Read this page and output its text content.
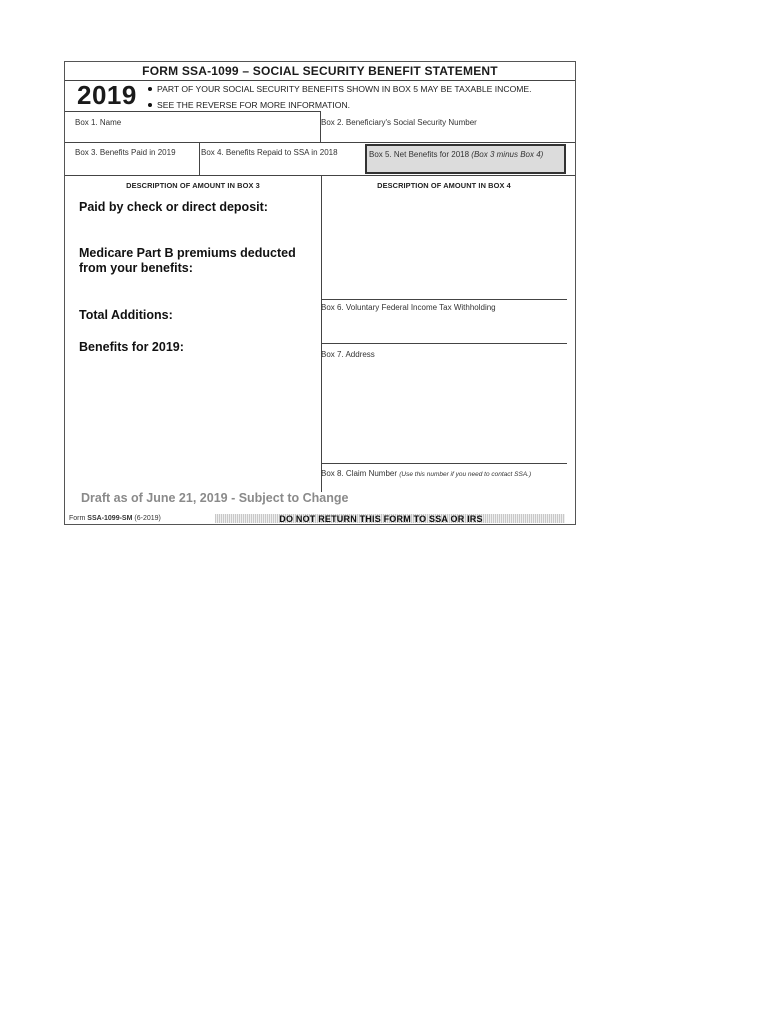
FORM SSA-1099 – SOCIAL SECURITY BENEFIT STATEMENT
2019	PART OF YOUR SOCIAL SECURITY BENEFITS SHOWN IN BOX 5 MAY BE TAXABLE INCOME.
SEE THE REVERSE FOR MORE INFORMATION.
Box 1. Name	Box 2. Beneficiary's Social Security Number
Box 3. Benefits Paid in 2019	Box 4. Benefits Repaid to SSA in 2018	Box 5. Net Benefits for 2018 (Box 3 minus Box 4)
DESCRIPTION OF AMOUNT IN BOX 3	DESCRIPTION OF AMOUNT IN BOX 4
Paid by check or direct deposit:
Medicare Part B premiums deducted from your benefits:
Total Additions:
Benefits for 2019:
Box 6. Voluntary Federal Income Tax Withholding
Box 7. Address
Box 8. Claim Number (Use this number if you need to contact SSA.)
Draft as of June 21, 2019 - Subject to Change
Form SSA-1099-SM (6-2019)	DO NOT RETURN THIS FORM TO SSA OR IRS
